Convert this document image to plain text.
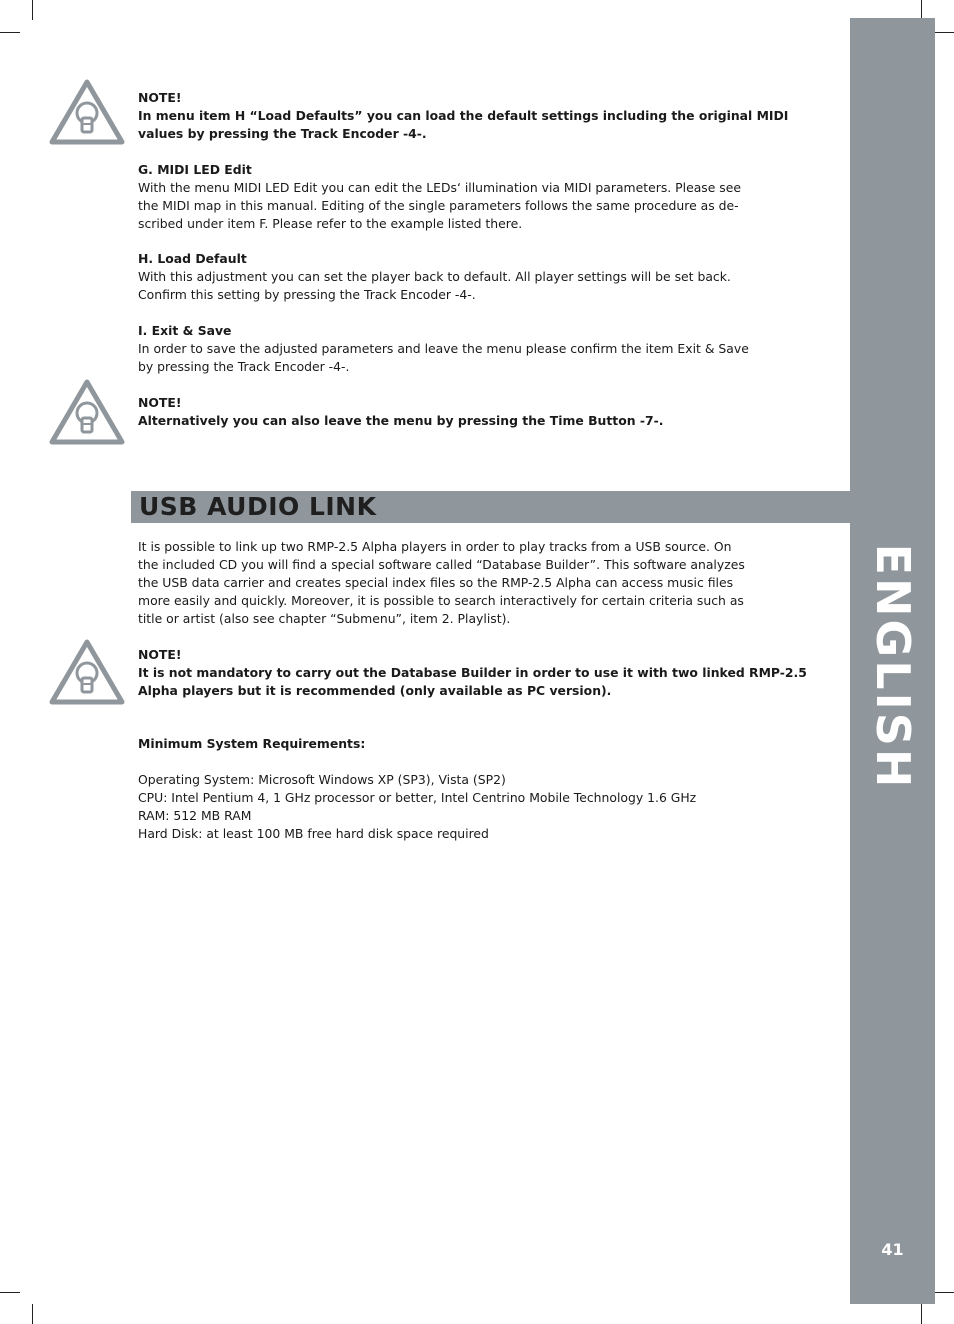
ENGLISH
41
NOTE!
In menu item H “Load Defaults” you can load the default settings including the original MIDI
values by pressing the Track Encoder -4-.
G. MIDI LED Edit
With the menu MIDI LED Edit you can edit the LEDs‘ illumination via MIDI parameters. Please see
the MIDI map in this manual. Editing of the single parameters follows the same procedure as de-
scribed under item F. Please refer to the example listed there.
H. Load Default
With this adjustment you can set the player back to default. All player settings will be set back.
Confirm this setting by pressing the Track Encoder -4-.
I. Exit & Save
In order to save the adjusted parameters and leave the menu please confirm the item Exit & Save
by pressing the Track Encoder -4-.
NOTE!
Alternatively you can also leave the menu by pressing the Time Button -7-.
USB AUDIO LINK
It is possible to link up two RMP-2.5 Alpha players in order to play tracks from a USB source. On
the included CD you will find a special software called “Database Builder”. This software analyzes
the USB data carrier and creates special index files so the RMP-2.5 Alpha can access music files
more easily and quickly. Moreover, it is possible to search interactively for certain criteria such as
title or artist (also see chapter “Submenu”, item 2. Playlist).
NOTE!
It is not mandatory to carry out the Database Builder in order to use it with two linked RMP-2.5
Alpha players but it is recommended (only available as PC version).
Minimum System Requirements:

Operating System: Microsoft Windows XP (SP3), Vista (SP2)
CPU: Intel Pentium 4, 1 GHz processor or better, Intel Centrino Mobile Technology 1.6 GHz
RAM: 512 MB RAM
Hard Disk: at least 100 MB free hard disk space required
